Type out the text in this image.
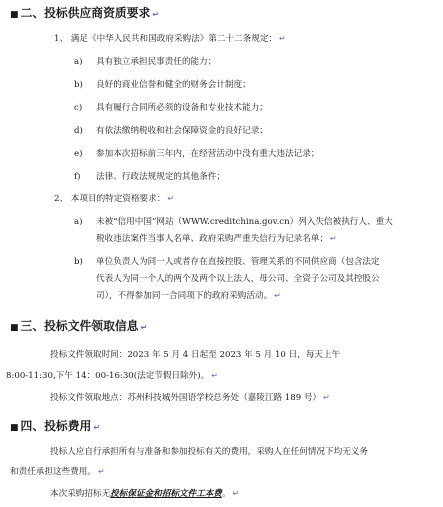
■ 二、投标供应商资质要求 ↵
1、 满足《中华人民共和国政府采购法》第二十二条规定： ↵
a) 具有独立承担民事责任的能力；
b) 良好的商业信誉和健全的财务会计制度；
c) 具有履行合同所必须的设备和专业技术能力；
d) 有依法缴纳税收和社会保障资金的良好记录；
e) 参加本次招标前三年内，在经营活动中没有重大违法记录；
f) 法律、行政法规规定的其他条件；
2、 本项目的特定资格要求： ↵
a) 未被“信用中国”网站（WWW.creditchina.gov.cn）列入失信被执行人、重大
税收违法案件当事人名单、政府采购严重失信行为记录名单； ↵
b) 单位负责人为同一人或者存在直接控股、管理关系的不同供应商（包含法定
代表人为同一个人的两个及两个以上法人，母公司、全资子公司及其控股公
司），不得参加同一合同项下的政府采购活动。 ↵
■ 三、投标文件领取信息 ↵
投标文件领取时间：2023 年 5 月 4 日起至 2023 年 5 月 10 日，每天上午
8:00-11:30,下午 14：00-16:30(法定节假日除外)。 ↵
投标文件领取地点：苏州科技城外国语学校总务处（嘉陵江路 189 号） ↵
■ 四、投标费用 ↵
投标人应自行承担所有与准备和参加投标有关的费用，采购人在任何情况下均无义务
和责任承担这些费用。 ↵
本次采购招标无投标保证金和招标文件工本费。 ↵
